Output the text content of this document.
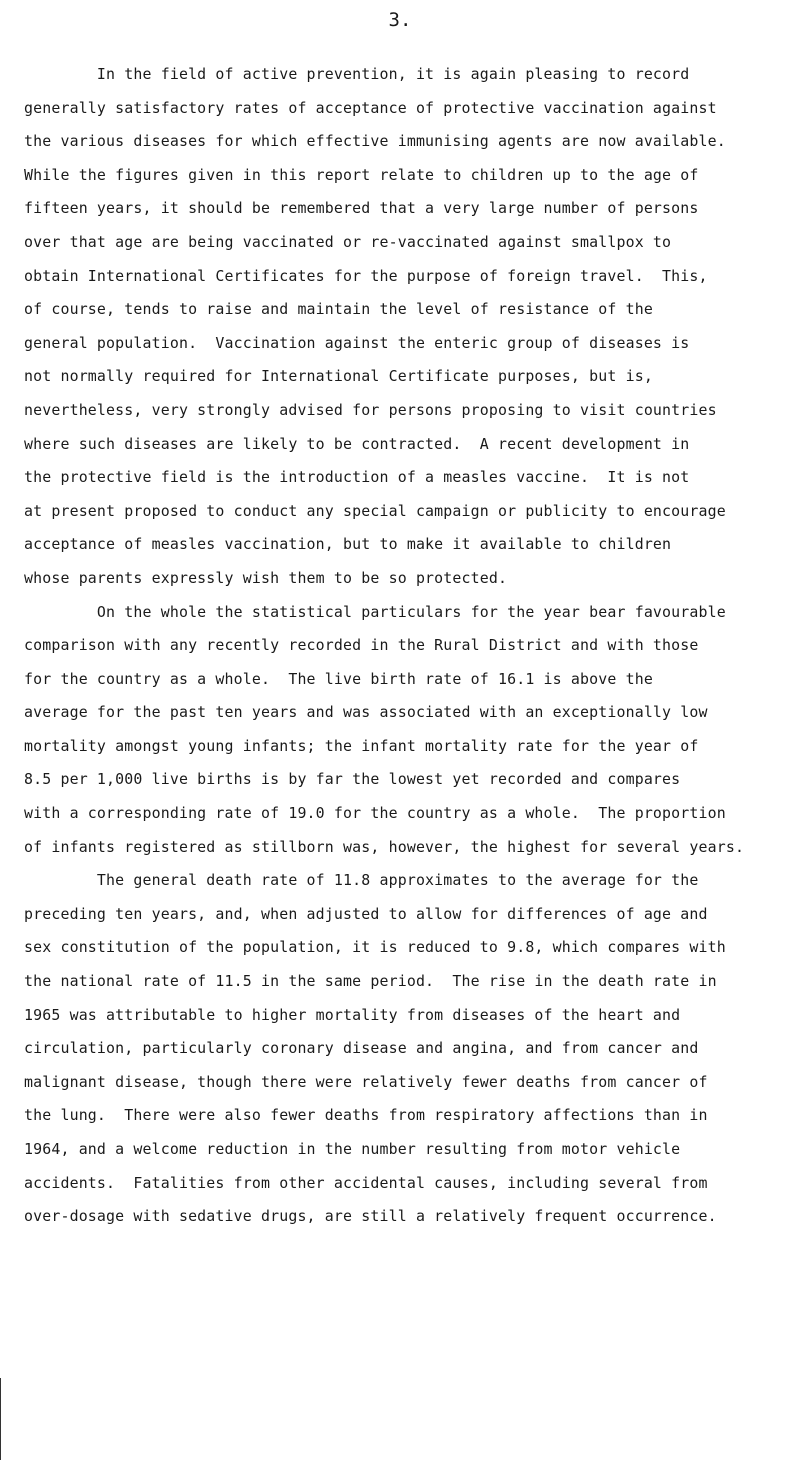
3.
In the field of active prevention, it is again pleasing to record
generally satisfactory rates of acceptance of protective vaccination against
the various diseases for which effective immunising agents are now available.
While the figures given in this report relate to children up to the age of
fifteen years, it should be remembered that a very large number of persons
over that age are being vaccinated or re-vaccinated against smallpox to
obtain International Certificates for the purpose of foreign travel.  This,
of course, tends to raise and maintain the level of resistance of the
general population.  Vaccination against the enteric group of diseases is
not normally required for International Certificate purposes, but is,
nevertheless, very strongly advised for persons proposing to visit countries
where such diseases are likely to be contracted.  A recent development in
the protective field is the introduction of a measles vaccine.  It is not
at present proposed to conduct any special campaign or publicity to encourage
acceptance of measles vaccination, but to make it available to children
whose parents expressly wish them to be so protected.
On the whole the statistical particulars for the year bear favourable
comparison with any recently recorded in the Rural District and with those
for the country as a whole.  The live birth rate of 16.1 is above the
average for the past ten years and was associated with an exceptionally low
mortality amongst young infants; the infant mortality rate for the year of
8.5 per 1,000 live births is by far the lowest yet recorded and compares
with a corresponding rate of 19.0 for the country as a whole.  The proportion
of infants registered as stillborn was, however, the highest for several years.
The general death rate of 11.8 approximates to the average for the
preceding ten years, and, when adjusted to allow for differences of age and
sex constitution of the population, it is reduced to 9.8, which compares with
the national rate of 11.5 in the same period.  The rise in the death rate in
1965 was attributable to higher mortality from diseases of the heart and
circulation, particularly coronary disease and angina, and from cancer and
malignant disease, though there were relatively fewer deaths from cancer of
the lung.  There were also fewer deaths from respiratory affections than in
1964, and a welcome reduction in the number resulting from motor vehicle
accidents.  Fatalities from other accidental causes, including several from
over-dosage with sedative drugs, are still a relatively frequent occurrence.
